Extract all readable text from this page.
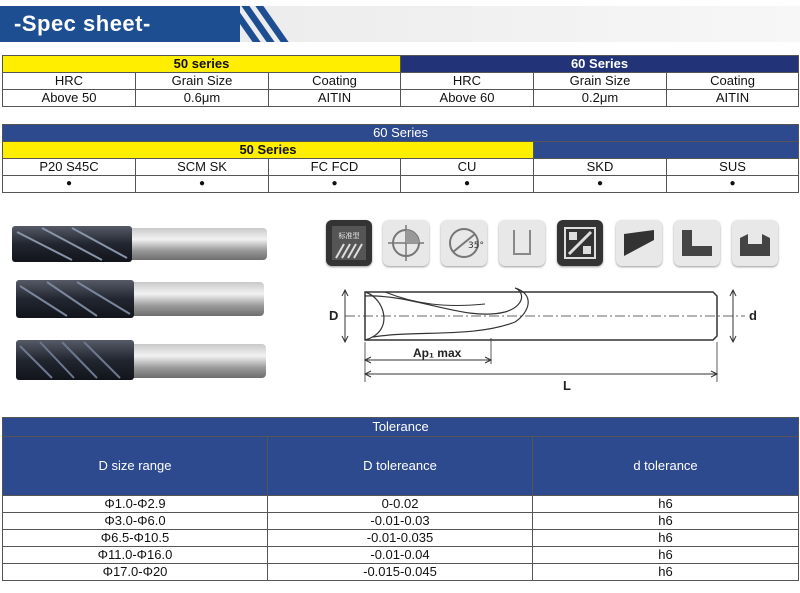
-Spec sheet-
50 series			60 Series		
HRC	Grain Size	Coating	HRC	Grain Size	Coating
Above 50	0.6μm	AITIN	Above 60	0.2μm	AITIN
60 Series					
50 Series					
P20 S45C	SCM SK	FC FCD	CU	SKD	SUS
●	●	●	●	●	●
标准型
35°
D	d
Ap₁ max
L
Tolerance		
D size range	D tolereance	d tolerance
Φ1.0-Φ2.9	0-0.02	h6
Φ3.0-Φ6.0	-0.01-0.03	h6
Φ6.5-Φ10.5	-0.01-0.035	h6
Φ11.0-Φ16.0	-0.01-0.04	h6
Φ17.0-Φ20	-0.015-0.045	h6
